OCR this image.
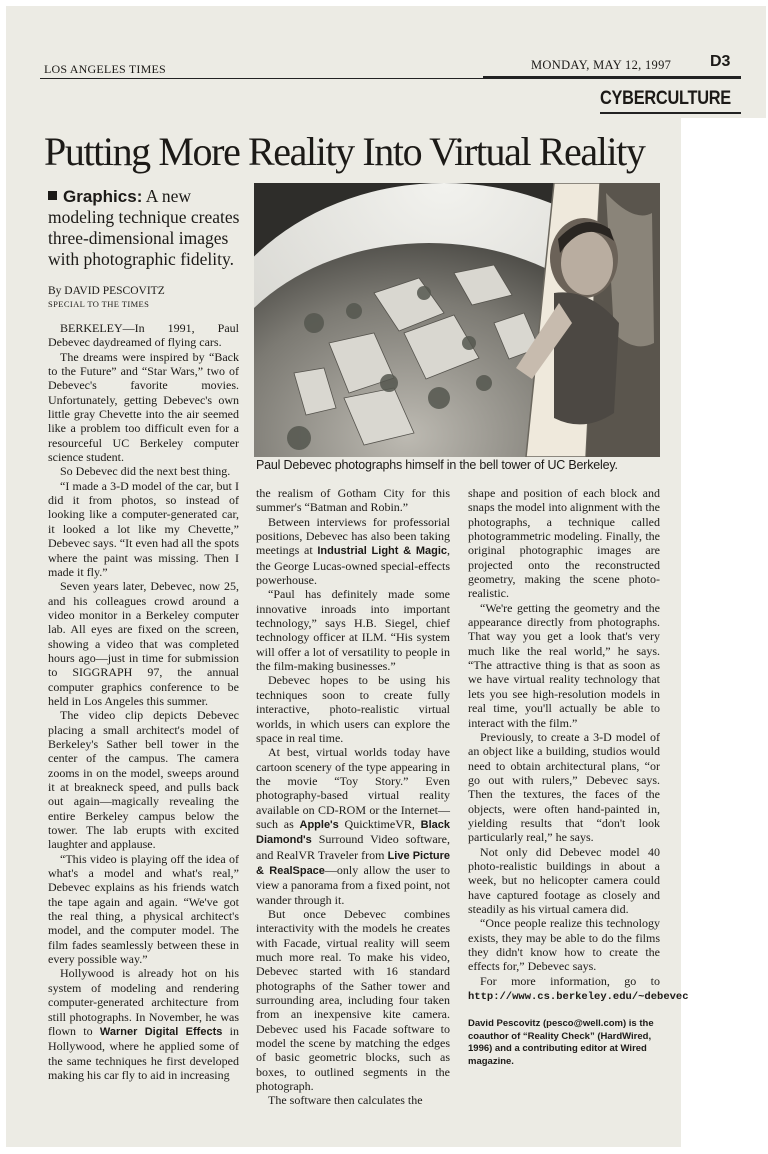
LOS ANGELES TIMES	MONDAY, MAY 12, 1997 D3
CYBERCULTURE
Putting More Reality Into Virtual Reality
Graphics: A new modeling technique creates three-dimensional images with photographic fidelity.
By DAVID PESCOVITZ
SPECIAL TO THE TIMES
Paul Debevec photographs himself in the bell tower of UC Berkeley.

BERKELEY—In 1991, Paul Debevec daydreamed of flying cars.

The dreams were inspired by “Back to the Future” and “Star Wars,” two of Debevec's favorite movies. Unfortunately, getting Debevec's own little gray Chevette into the air seemed like a problem too difficult even for a resourceful UC Berkeley computer science student.

So Debevec did the next best thing.

“I made a 3-D model of the car, but I did it from photos, so instead of looking like a computer-generated car, it looked a lot like my Chevette,” Debevec says. “It even had all the spots where the paint was missing. Then I made it fly.”

Seven years later, Debevec, now 25, and his colleagues crowd around a video monitor in a Berkeley computer lab. All eyes are fixed on the screen, showing a video that was completed hours ago—just in time for submission to SIGGRAPH 97, the annual computer graphics conference to be held in Los Angeles this summer.

The video clip depicts Debevec placing a small architect's model of Berkeley's Sather bell tower in the center of the campus. The camera zooms in on the model, sweeps around it at breakneck speed, and pulls back out again—magically revealing the entire Berkeley campus below the tower. The lab erupts with excited laughter and applause.

“This video is playing off the idea of what's a model and what's real,” Debevec explains as his friends watch the tape again and again. “We've got the real thing, a physical architect's model, and the computer model. The film fades seamlessly between these in every possible way.”

Hollywood is already hot on his system of modeling and rendering computer-generated architecture from still photographs. In November, he was flown to Warner Digital Effects in Hollywood, where he applied some of the same techniques he first developed making his car fly to aid in increasing

the realism of Gotham City for this summer's “Batman and Robin.”

Between interviews for professorial positions, Debevec has also been taking meetings at Industrial Light & Magic, the George Lucas-owned special-effects powerhouse.

“Paul has definitely made some innovative inroads into important technology,” says H.B. Siegel, chief technology officer at ILM. “His system will offer a lot of versatility to people in the film-making businesses.”

Debevec hopes to be using his techniques soon to create fully interactive, photo-realistic virtual worlds, in which users can explore the space in real time.

At best, virtual worlds today have cartoon scenery of the type appearing in the movie “Toy Story.” Even photography-based virtual reality available on CD-ROM or the Internet—such as Apple's QuicktimeVR, Black Diamond's Surround Video software, and RealVR Traveler from Live Picture & RealSpace—only allow the user to view a panorama from a fixed point, not wander through it.

But once Debevec combines interactivity with the models he creates with Facade, virtual reality will seem much more real. To make his video, Debevec started with 16 standard photographs of the Sather tower and surrounding area, including four taken from an inexpensive kite camera. Debevec used his Facade software to model the scene by matching the edges of basic geometric blocks, such as boxes, to outlined segments in the photograph.

The software then calculates the

shape and position of each block and snaps the model into alignment with the photographs, a technique called photogrammetric modeling. Finally, the original photographic images are projected onto the reconstructed geometry, making the scene photo-realistic.

“We're getting the geometry and the appearance directly from photographs. That way you get a look that's very much like the real world,” he says. “The attractive thing is that as soon as we have virtual reality technology that lets you see high-resolution models in real time, you'll actually be able to interact with the film.”

Previously, to create a 3-D model of an object like a building, studios would need to obtain architectural plans, “or go out with rulers,” Debevec says. Then the textures, the faces of the objects, were often hand-painted in, yielding results that “don't look particularly real,” he says.

Not only did Debevec model 40 photo-realistic buildings in about a week, but no helicopter camera could have captured footage as closely and steadily as his virtual camera did.

“Once people realize this technology exists, they may be able to do the films they didn't know how to create the effects for,” Debevec says.

For more information, go to http://www.cs.berkeley.edu/~debevec

David Pescovitz (pesco@well.com) is the coauthor of “Reality Check” (HardWired, 1996) and a contributing editor at Wired magazine.
